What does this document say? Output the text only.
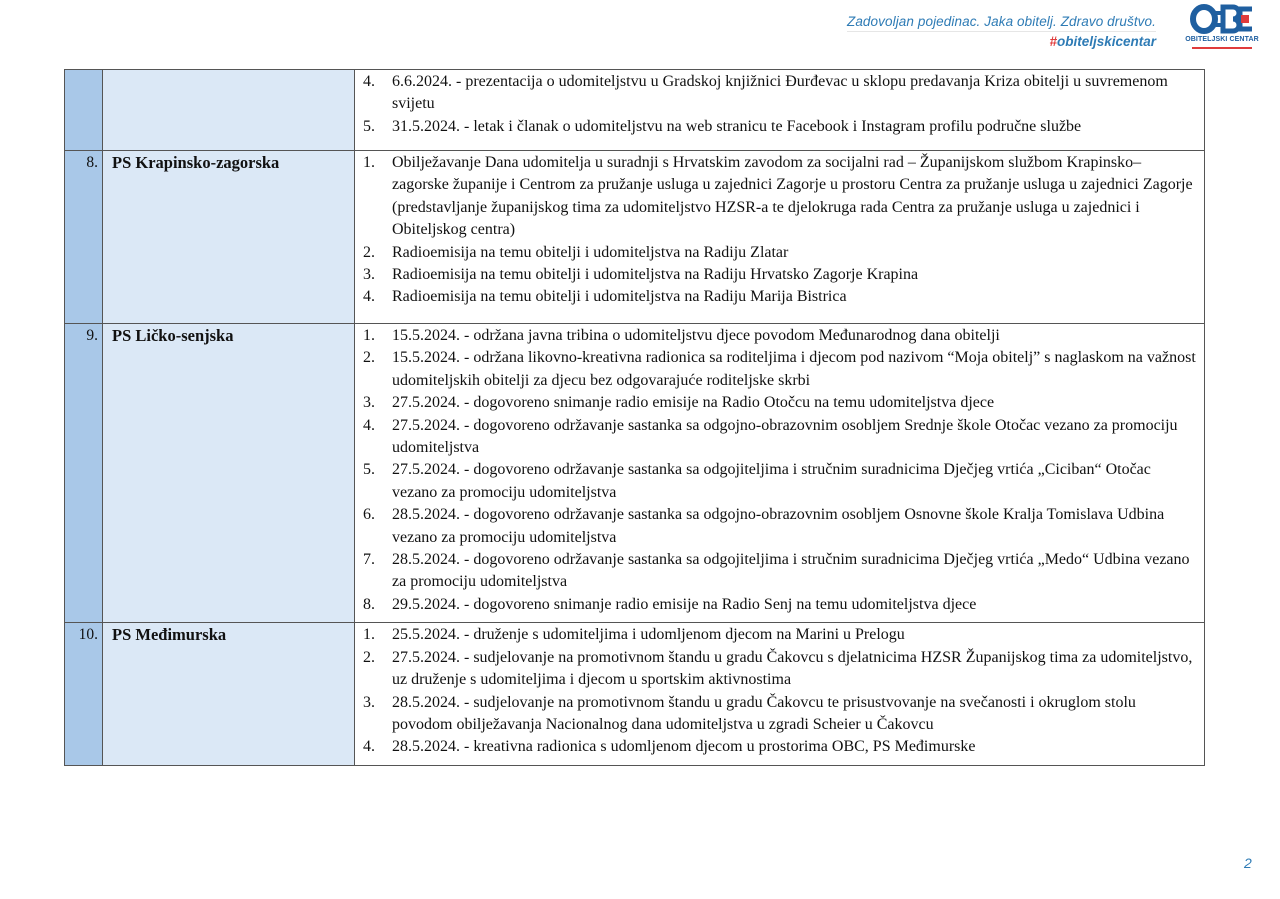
Zadovoljan pojedinac. Jaka obitelj. Zdravo društvo.
#obiteljskicentar	OBITELJSKI CENTAR

4. 6.6.2024. - prezentacija o udomiteljstvu u Gradskoj knjižnici Đurđevac u sklopu predavanja Kriza obitelji u suvremenom svijetu
5. 31.5.2024. - letak i članak o udomiteljstvu na web stranicu te Facebook i Instagram profilu područne službe

8.	PS Krapinsko-zagorska	1. Obilježavanje Dana udomitelja u suradnji s Hrvatskim zavodom za socijalni rad – Županijskom službom Krapinsko–zagorske županije i Centrom za pružanje usluga u zajednici Zagorje u prostoru Centra za pružanje usluga u zajednici Zagorje (predstavljanje županijskog tima za udomiteljstvo HZSR-a te djelokruga rada Centra za pružanje usluga u zajednici i Obiteljskog centra)
2. Radioemisija na temu obitelji i udomiteljstva na Radiju Zlatar
3. Radioemisija na temu obitelji i udomiteljstva na Radiju Hrvatsko Zagorje Krapina
4. Radioemisija na temu obitelji i udomiteljstva na Radiju Marija Bistrica

9.	PS Ličko-senjska	1. 15.5.2024. - održana javna tribina o udomiteljstvu djece povodom Međunarodnog dana obitelji
2. 15.5.2024. - održana likovno-kreativna radionica sa roditeljima i djecom pod nazivom “Moja obitelj” s naglaskom na važnost udomiteljskih obitelji za djecu bez odgovarajuće roditeljske skrbi
3. 27.5.2024. - dogovoreno snimanje radio emisije na Radio Otočcu na temu udomiteljstva djece
4. 27.5.2024. - dogovoreno održavanje sastanka sa odgojno-obrazovnim osobljem Srednje škole Otočac vezano za promociju udomiteljstva
5. 27.5.2024. - dogovoreno održavanje sastanka sa odgojiteljima i stručnim suradnicima Dječjeg vrtića „Ciciban“ Otočac vezano za promociju udomiteljstva
6. 28.5.2024. - dogovoreno održavanje sastanka sa odgojno-obrazovnim osobljem Osnovne škole Kralja Tomislava Udbina vezano za promociju udomiteljstva
7. 28.5.2024. - dogovoreno održavanje sastanka sa odgojiteljima i stručnim suradnicima Dječjeg vrtića „Medo“ Udbina vezano za promociju udomiteljstva
8. 29.5.2024. - dogovoreno snimanje radio emisije na Radio Senj na temu udomiteljstva djece

10.	PS Međimurska	1. 25.5.2024. - druženje s udomiteljima i udomljenom djecom na Marini u Prelogu
2. 27.5.2024. - sudjelovanje na promotivnom štandu u gradu Čakovcu s djelatnicima HZSR Županijskog tima za udomiteljstvo, uz druženje s udomiteljima i djecom u sportskim aktivnostima
3. 28.5.2024. - sudjelovanje na promotivnom štandu u gradu Čakovcu te prisustvovanje na svečanosti i okruglom stolu povodom obilježavanja Nacionalnog dana udomiteljstva u zgradi Scheier u Čakovcu
4. 28.5.2024. - kreativna radionica s udomljenom djecom u prostorima OBC, PS Međimurske
2
